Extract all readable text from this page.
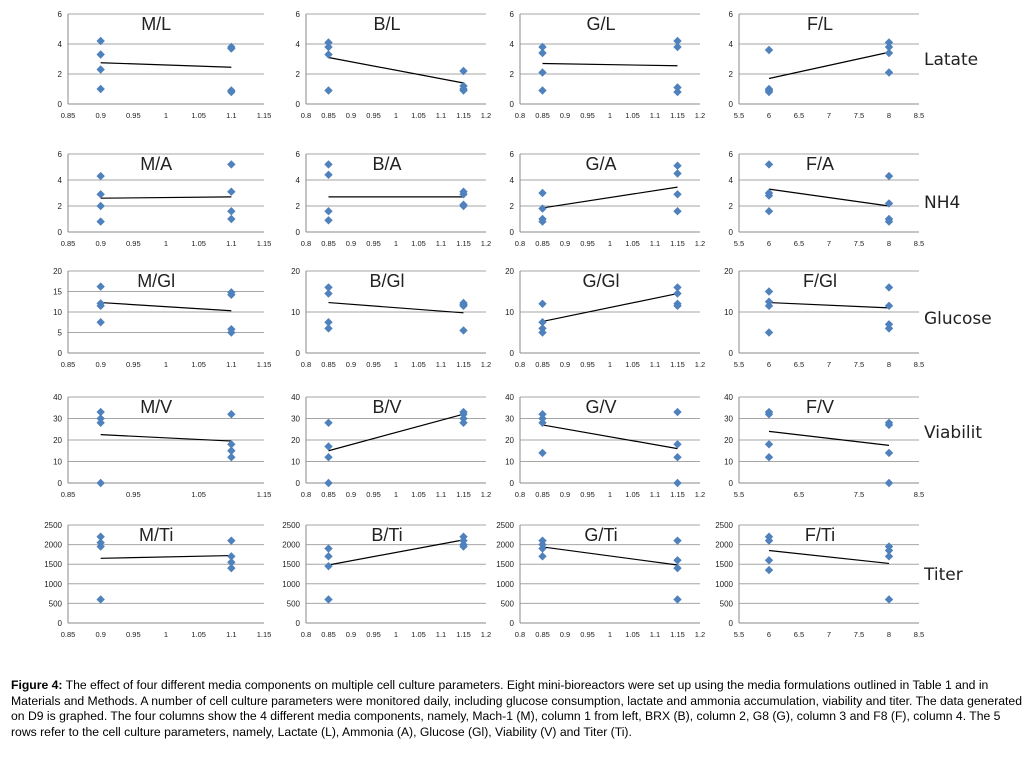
0
2
4
6
0.85	0.9	0.95	1	1.05	1.1	1.15
M/L
0
2
4
6
0.8 0.85 0.9 0.95 1 1.05 1.1 1.15 1.2
B/L
0
2
4
6
0.8 0.85 0.9 0.95 1 1.05 1.1 1.15 1.2
G/L
0
2
4
6
5.5	6	6.5	7	7.5	8	8.5
F/L
0
2
4
6
0.85	0.9	0.95	1	1.05	1.1	1.15
M/A
0
2
4
6
0.8 0.85 0.9 0.95 1 1.05 1.1 1.15 1.2
B/A
0
2
4
6
0.8 0.85 0.9 0.95 1 1.05 1.1 1.15 1.2
G/A
0
2
4
6
5.5	6	6.5	7	7.5	8	8.5
F/A
0
5
10
15
20
0.85	0.9	0.95	1	1.05	1.1	1.15
M/Gl
0
10
20
0.8 0.85 0.9 0.95 1 1.05 1.1 1.15 1.2
B/Gl
0
10
20
0.8 0.85 0.9 0.95 1 1.05 1.1 1.15 1.2
G/Gl
0
10
20
5.5	6	6.5	7	7.5	8	8.5
F/Gl
0
10
20
30
40
0.85	0.95	1.05	1.15
M/V
0
10
20
30
40
0.8 0.85 0.9 0.95 1 1.05 1.1 1.15 1.2
B/V
0
10
20
30
40
0.8 0.85 0.9 0.95 1 1.05 1.1 1.15 1.2
G/V
0
10
20
30
40
5.5	6.5	7.5	8.5
F/V
0
500
1000
1500
2000
2500
0.85	0.9	0.95	1	1.05	1.1	1.15
M/Ti
0
500
1000
1500
2000
2500
0.8 0.85 0.9 0.95 1 1.05 1.1 1.15 1.2
B/Ti
0
500
1000
1500
2000
2500
0.8 0.85 0.9 0.95 1 1.05 1.1 1.15 1.2
G/Ti
0
500
1000
1500
2000
2500
5.5	6	6.5	7	7.5	8	8.5
F/Ti
Latate
NH4
Glucose
Viabilit
Titer
Figure 4: The effect of four different media components on multiple cell culture parameters. Eight mini-bioreactors were set up using the media formulations outlined in Table 1 and in Materials and Methods. A number of cell culture parameters were monitored daily, including glucose consumption, lactate and ammonia accumulation, viability and titer. The data generated on D9 is graphed. The four columns show the 4 different media components, namely, Mach-1 (M), column 1 from left, BRX (B), column 2, G8 (G), column 3 and F8 (F), column 4. The 5 rows refer to the cell culture parameters, namely, Lactate (L), Ammonia (A), Glucose (Gl), Viability (V) and Titer (Ti).
